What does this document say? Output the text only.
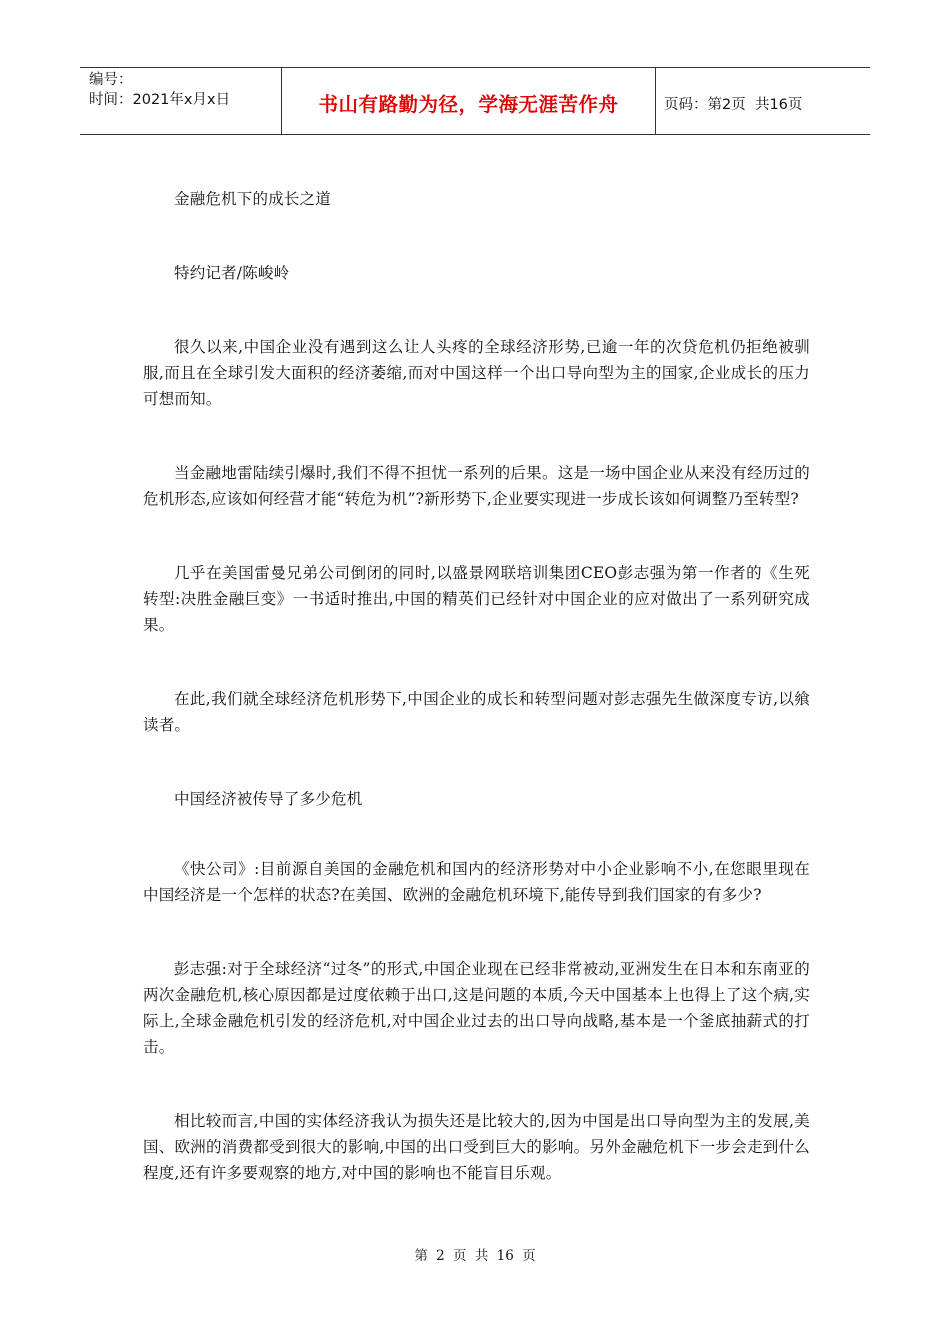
编号：
时间：2021年x月x日	书山有路勤为径，学海无涯苦作舟	页码：第2页  共16页

金融危机下的成长之道

特约记者/陈峻岭

很久以来,中国企业没有遇到这么让人头疼的全球经济形势,已逾一年的次贷危机仍拒绝被驯服,而且在全球引发大面积的经济萎缩,而对中国这样一个出口导向型为主的国家,企业成长的压力可想而知。

当金融地雷陆续引爆时,我们不得不担忧一系列的后果。这是一场中国企业从来没有经历过的危机形态,应该如何经营才能“转危为机”?新形势下,企业要实现进一步成长该如何调整乃至转型?

几乎在美国雷曼兄弟公司倒闭的同时,以盛景网联培训集团CEO彭志强为第一作者的《生死转型:决胜金融巨变》一书适时推出,中国的精英们已经针对中国企业的应对做出了一系列研究成果。

在此,我们就全球经济危机形势下,中国企业的成长和转型问题对彭志强先生做深度专访,以飨读者。

中国经济被传导了多少危机

《快公司》:目前源自美国的金融危机和国内的经济形势对中小企业影响不小,在您眼里现在中国经济是一个怎样的状态?在美国、欧洲的金融危机环境下,能传导到我们国家的有多少?

彭志强:对于全球经济“过冬”的形式,中国企业现在已经非常被动,亚洲发生在日本和东南亚的两次金融危机,核心原因都是过度依赖于出口,这是问题的本质,今天中国基本上也得上了这个病,实际上,全球金融危机引发的经济危机,对中国企业过去的出口导向战略,基本是一个釜底抽薪式的打击。

相比较而言,中国的实体经济我认为损失还是比较大的,因为中国是出口导向型为主的发展,美国、欧洲的消费都受到很大的影响,中国的出口受到巨大的影响。另外金融危机下一步会走到什么程度,还有许多要观察的地方,对中国的影响也不能盲目乐观。

第 2 页 共 16 页
